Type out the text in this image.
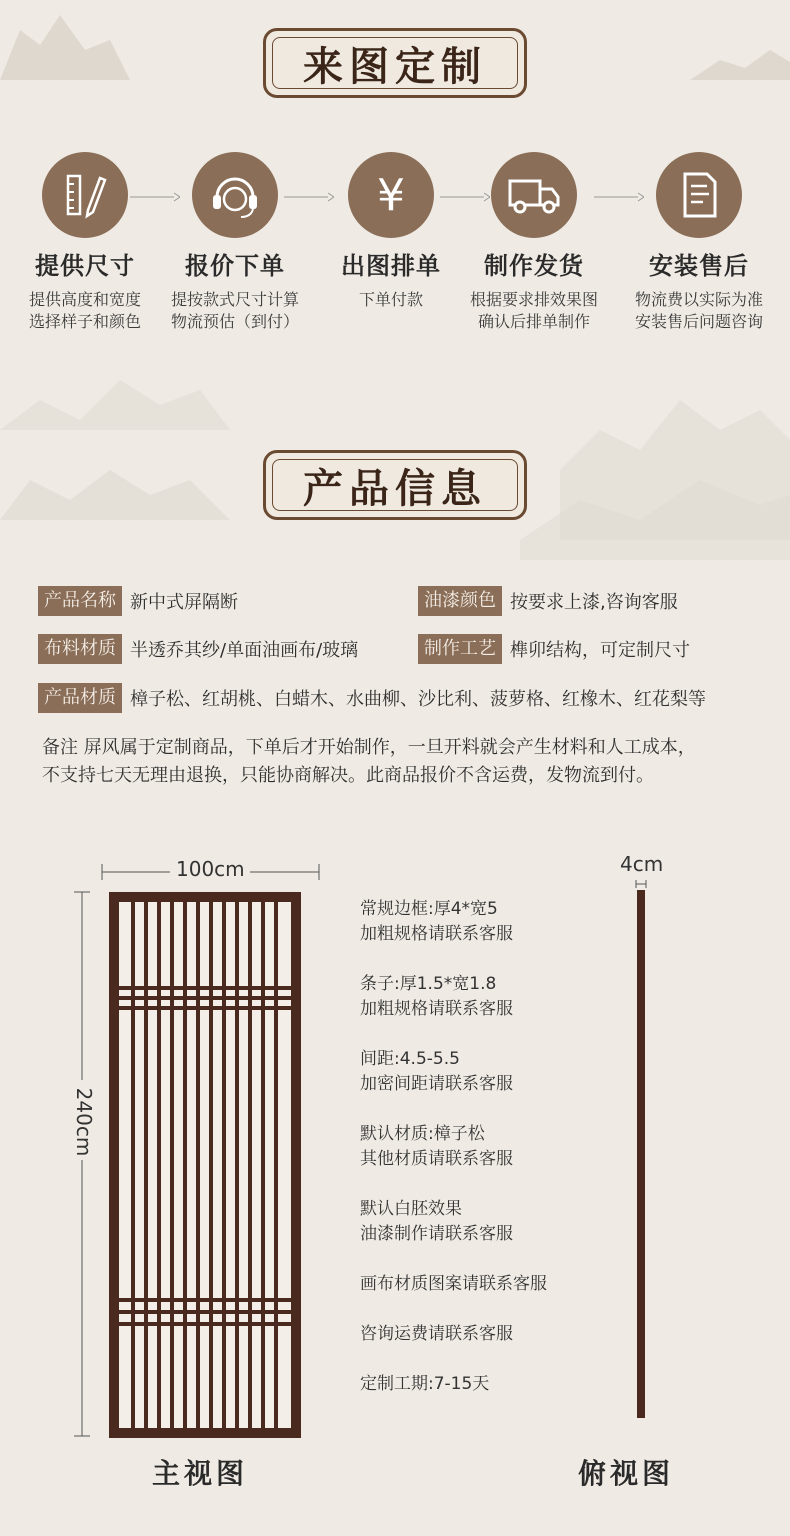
来图定制
提供尺寸
提供高度和宽度
选择样子和颜色
报价下单
提按款式尺寸计算
物流预估（到付）
¥
出图排单
下单付款
制作发货
根据要求排效果图
确认后排单制作
安装售后
物流费以实际为准
安装售后问题咨询
产品信息
产品名称 新中式屏隔断	油漆颜色 按要求上漆,咨询客服
布料材质 半透乔其纱/单面油画布/玻璃	制作工艺 榫卯结构，可定制尺寸
产品材质 樟子松、红胡桃、白蜡木、水曲柳、沙比利、菠萝格、红橡木、红花梨等
备注 屏风属于定制商品，下单后才开始制作，一旦开料就会产生材料和人工成本，
不支持七天无理由退换，只能协商解决。此商品报价不含运费，发物流到付。
100cm
240cm
4cm
常规边框:厚4*宽5
加粗规格请联系客服
条子:厚1.5*宽1.8
加粗规格请联系客服
间距:4.5-5.5
加密间距请联系客服
默认材质:樟子松
其他材质请联系客服
默认白胚效果
油漆制作请联系客服
画布材质图案请联系客服
咨询运费请联系客服
定制工期:7-15天
主视图	俯视图
